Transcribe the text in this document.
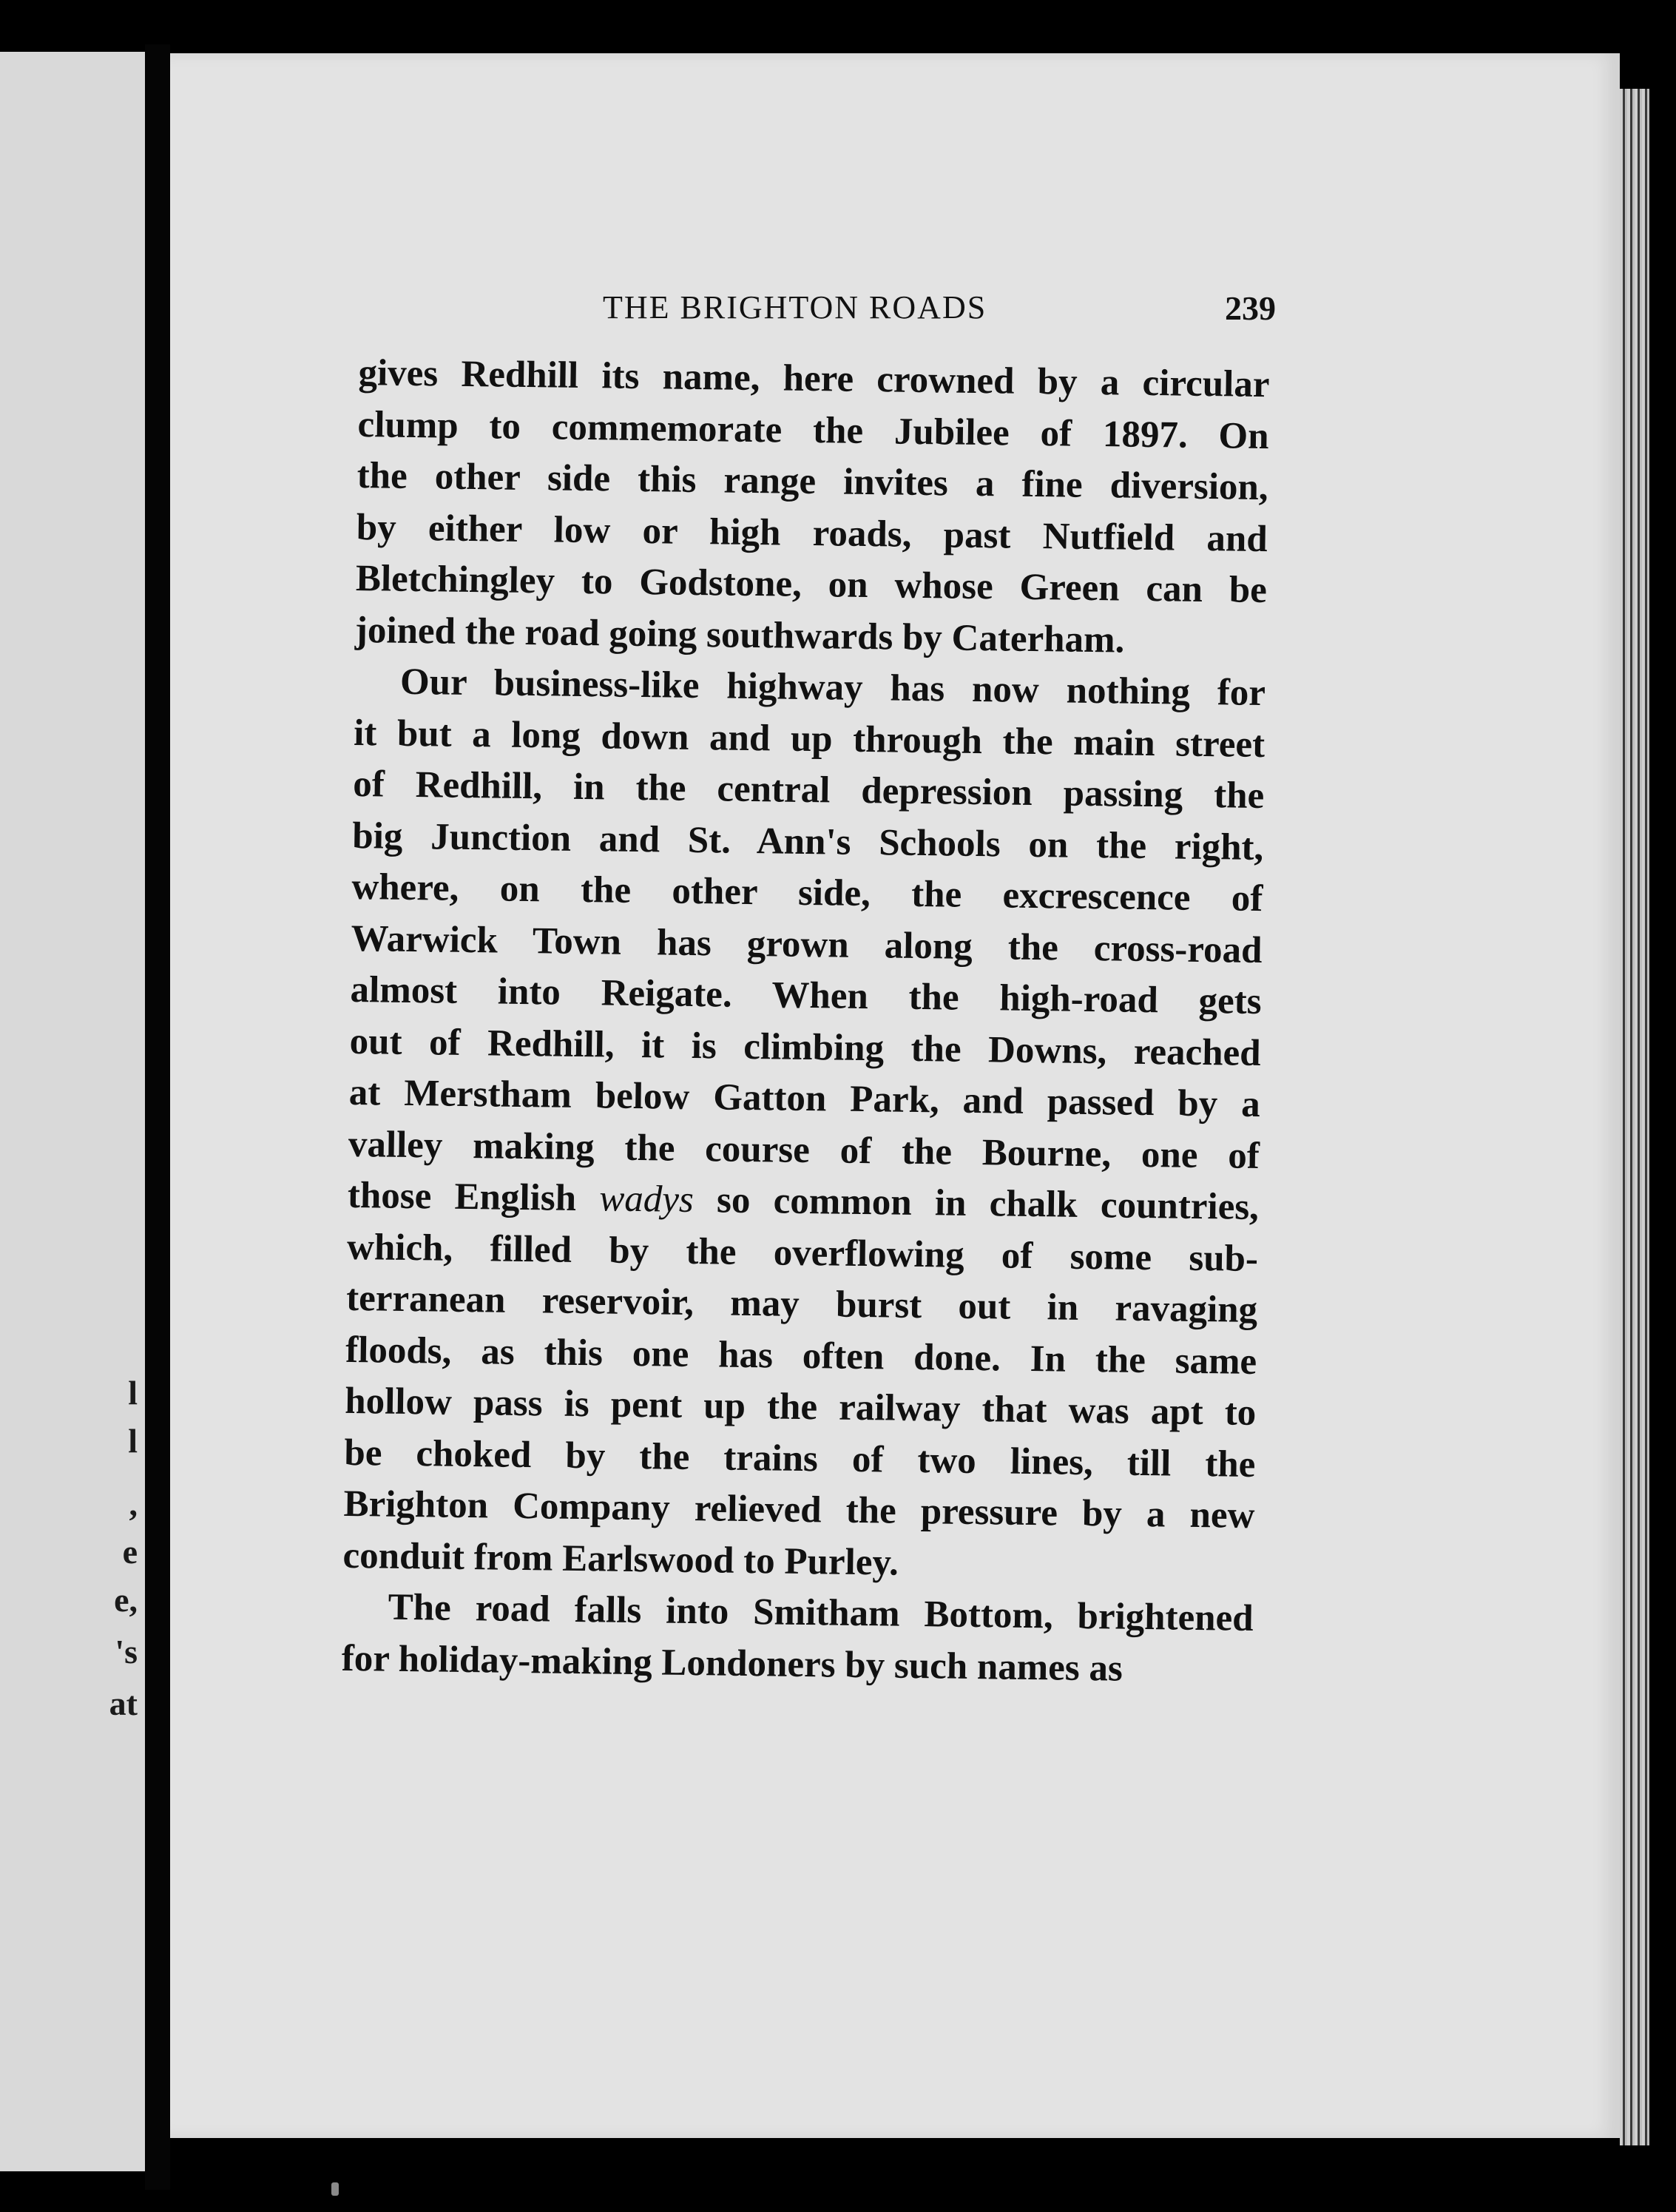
l
l
,
e
e,
's
at
THE BRIGHTON ROADS	239

gives Redhill its name, here crowned by a circular
clump to commemorate the Jubilee of 1897. On
the other side this range invites a fine diversion,
by either low or high roads, past Nutfield and
Bletchingley to Godstone, on whose Green can be
joined the road going southwards by Caterham.

Our business-like highway has now nothing for
it but a long down and up through the main street
of Redhill, in the central depression passing the
big Junction and St. Ann's Schools on the right,
where, on the other side, the excrescence of
Warwick Town has grown along the cross-road
almost into Reigate. When the high-road gets
out of Redhill, it is climbing the Downs, reached
at Merstham below Gatton Park, and passed by a
valley making the course of the Bourne, one of
those English wadys so common in chalk countries,
which, filled by the overflowing of some sub-
terranean reservoir, may burst out in ravaging
floods, as this one has often done. In the same
hollow pass is pent up the railway that was apt to
be choked by the trains of two lines, till the
Brighton Company relieved the pressure by a new
conduit from Earlswood to Purley.

The road falls into Smitham Bottom, brightened
for holiday-making Londoners by such names as
